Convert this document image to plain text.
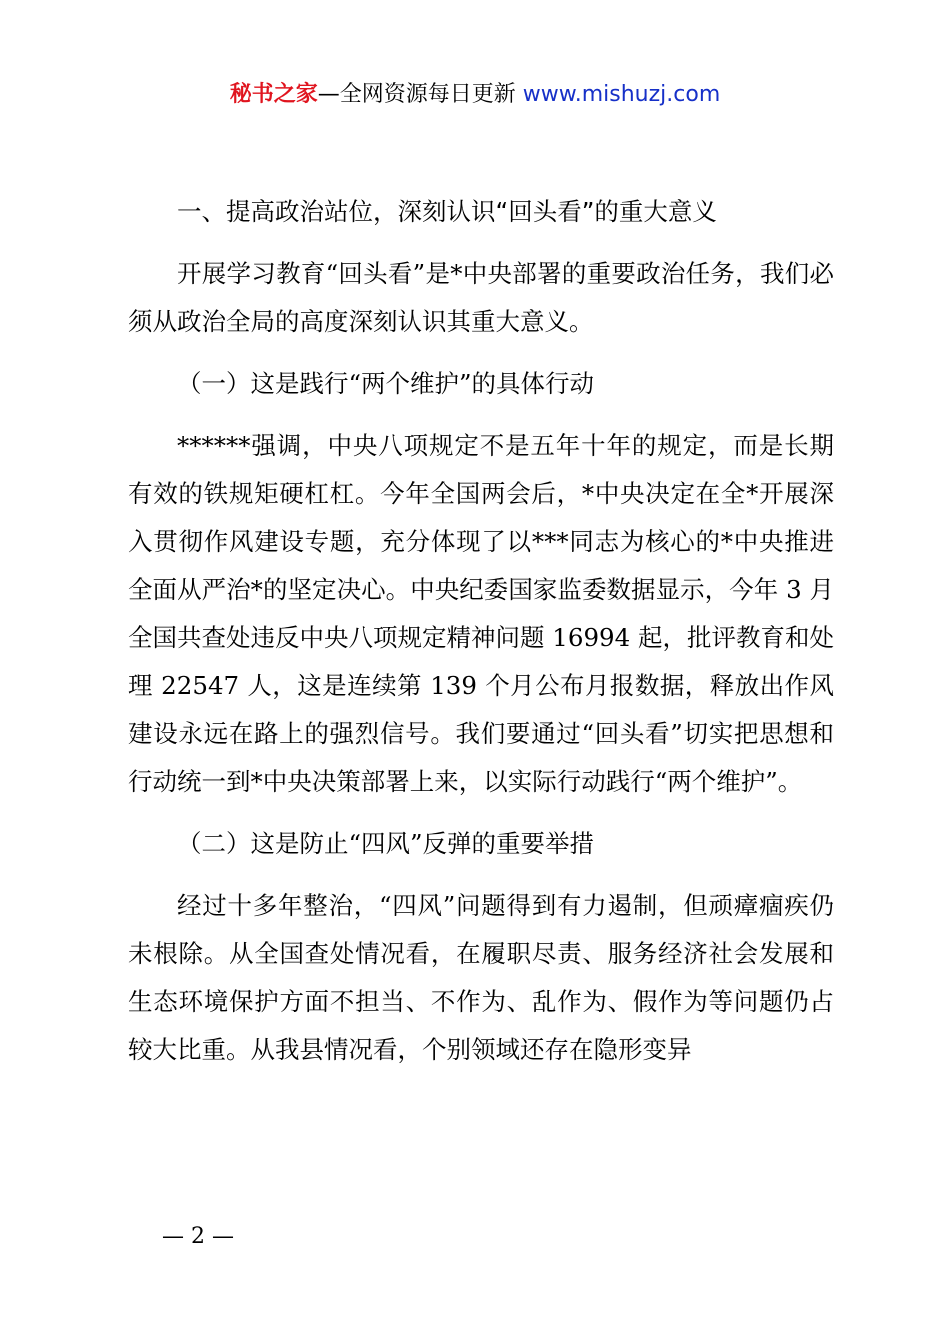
秘书之家—全网资源每日更新 www.mishuzj.com

一、提高政治站位，深刻认识“回头看”的重大意义

开展学习教育“回头看”是*中央部署的重要政治任务，我们必须从政治全局的高度深刻认识其重大意义。

（一）这是践行“两个维护”的具体行动

******强调，中央八项规定不是五年十年的规定，而是长期有效的铁规矩硬杠杠。今年全国两会后，*中央决定在全*开展深入贯彻作风建设专题，充分体现了以***同志为核心的*中央推进全面从严治*的坚定决心。中央纪委国家监委数据显示，今年 3 月全国共查处违反中央八项规定精神问题 16994 起，批评教育和处理 22547 人，这是连续第 139 个月公布月报数据，释放出作风建设永远在路上的强烈信号。我们要通过“回头看”切实把思想和行动统一到*中央决策部署上来，以实际行动践行“两个维护”。

（二）这是防止“四风”反弹的重要举措

经过十多年整治，“四风”问题得到有力遏制，但顽瘴痼疾仍未根除。从全国查处情况看，在履职尽责、服务经济社会发展和生态环境保护方面不担当、不作为、乱作为、假作为等问题仍占较大比重。从我县情况看，个别领域还存在隐形变异

— 2 —
